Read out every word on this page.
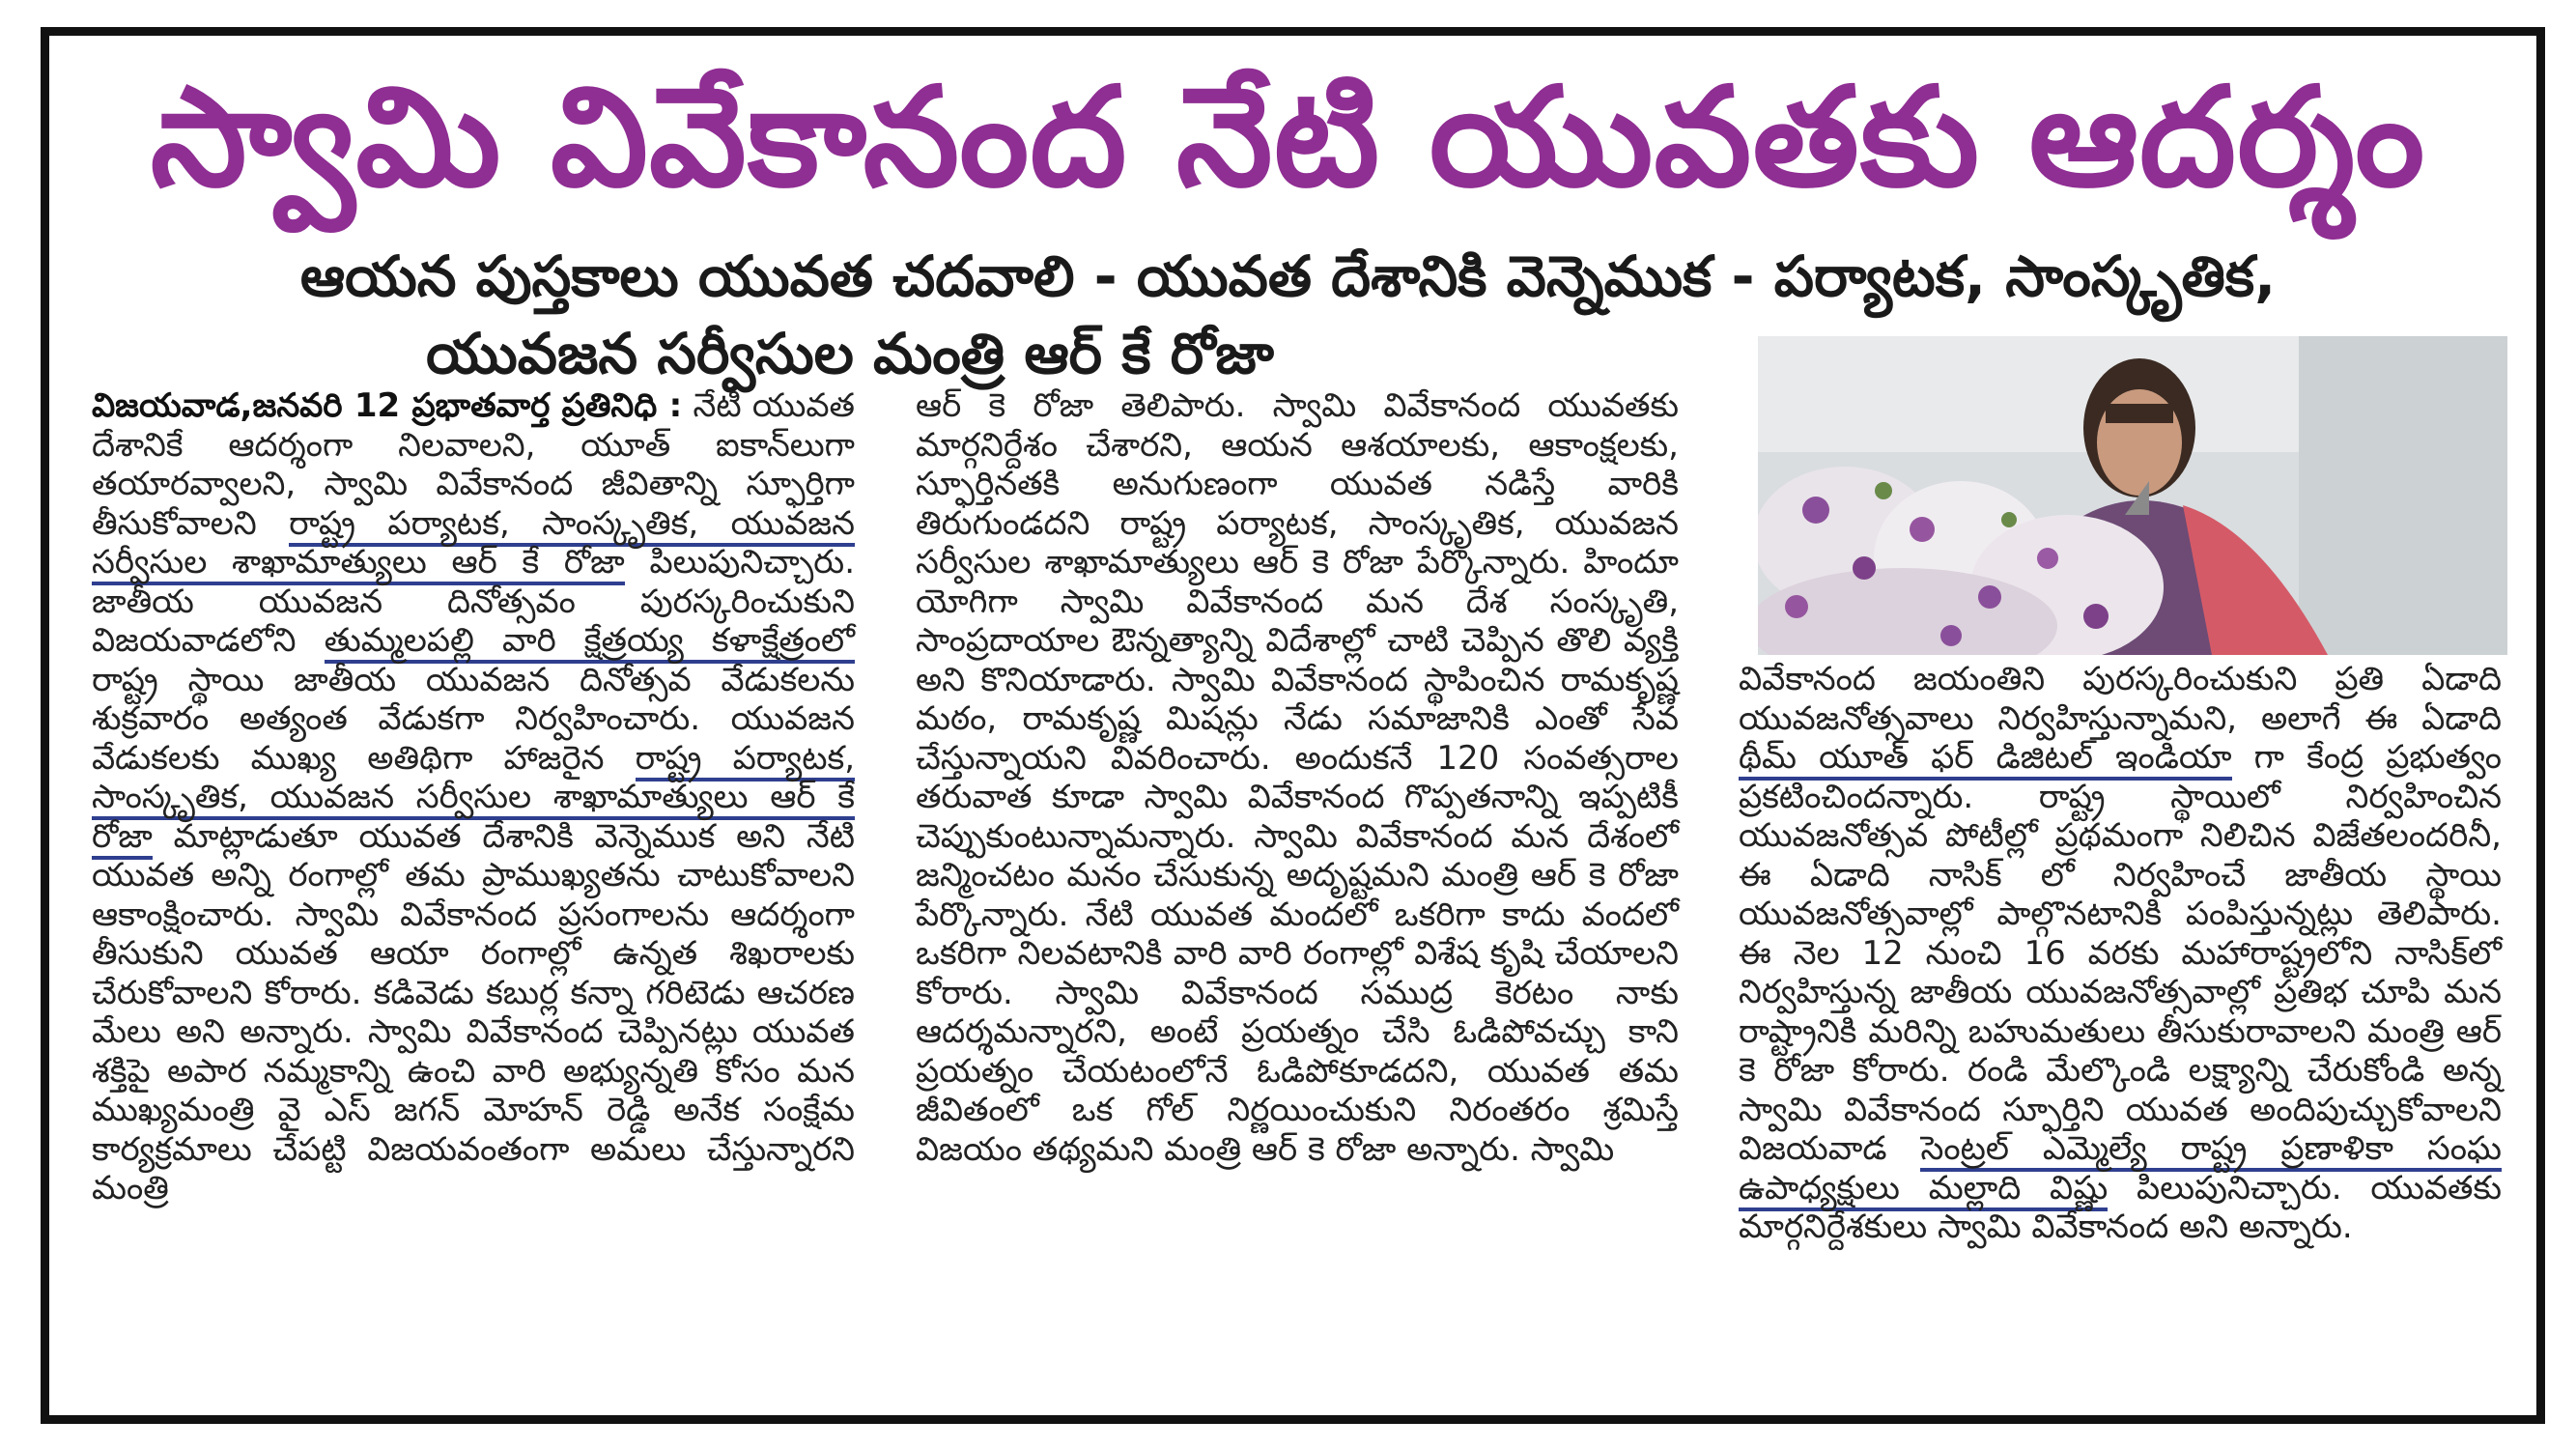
స్వామి వివేకానంద నేటి యువతకు ఆదర్శం
ఆయన పుస్తకాలు యువత చదవాలి - యువత దేశానికి వెన్నెముక - పర్యాటక, సాంస్కృతిక,
యువజన సర్వీసుల మంత్రి ఆర్ కే రోజా

విజయవాడ,జనవరి 12 ప్రభాతవార్త ప్రతినిధి : నేటి యువత దేశానికే ఆదర్శంగా నిలవాలని, యూత్ ఐకాన్‌లుగా తయారవ్వాలని, స్వామి వివేకానంద జీవితాన్ని స్ఫూర్తిగా తీసుకోవాలని రాష్ట్ర పర్యాటక, సాంస్కృతిక, యువజన సర్వీసుల శాఖామాత్యులు ఆర్ కే రోజా పిలుపునిచ్చారు. జాతీయ యువజన దినోత్సవం పురస్కరించుకుని విజయవాడలోని తుమ్మలపల్లి వారి క్షేత్రయ్య కళాక్షేత్రంలో రాష్ట్ర స్థాయి జాతీయ యువజన దినోత్సవ వేడుకలను శుక్రవారం అత్యంత వేడుకగా నిర్వహించారు. యువజన వేడుకలకు ముఖ్య అతిథిగా హాజరైన రాష్ట్ర పర్యాటక, సాంస్కృతిక, యువజన సర్వీసుల శాఖామాత్యులు ఆర్ కే రోజా మాట్లాడుతూ యువత దేశానికి వెన్నెముక అని నేటి యువత అన్ని రంగాల్లో తమ ప్రాముఖ్యతను చాటుకోవాలని ఆకాంక్షించారు. స్వామి వివేకానంద ప్రసంగాలను ఆదర్శంగా తీసుకుని యువత ఆయా రంగాల్లో ఉన్నత శిఖరాలకు చేరుకోవాలని కోరారు. కడివెడు కబుర్ల కన్నా గరిటెడు ఆచరణ మేలు అని అన్నారు. స్వామి వివేకానంద చెప్పినట్లు యువత శక్తిపై అపార నమ్మకాన్ని ఉంచి వారి అభ్యున్నతి కోసం మన ముఖ్యమంత్రి వై ఎస్ జగన్ మోహన్ రెడ్డి అనేక సంక్షేమ కార్యక్రమాలు చేపట్టి విజయవంతంగా అమలు చేస్తున్నారని మంత్రి

ఆర్ కె రోజా తెలిపారు. స్వామి వివేకానంద యువతకు మార్గనిర్దేశం చేశారని, ఆయన ఆశయాలకు, ఆకాంక్షలకు, స్ఫూర్తినతకి అనుగుణంగా యువత నడిస్తే వారికి తిరుగుండదని రాష్ట్ర పర్యాటక, సాంస్కృతిక, యువజన సర్వీసుల శాఖామాత్యులు ఆర్ కె రోజా పేర్కొన్నారు. హిందూ యోగిగా స్వామి వివేకానంద మన దేశ సంస్కృతి, సాంప్రదాయాల ఔన్నత్యాన్ని విదేశాల్లో చాటి చెప్పిన తొలి వ్యక్తి అని కొనియాడారు. స్వామి వివేకానంద స్థాపించిన రామకృష్ణ మఠం, రామకృష్ణ మిషన్లు నేడు సమాజానికి ఎంతో సేవ చేస్తున్నాయని వివరించారు. అందుకనే 120 సంవత్సరాల తరువాత కూడా స్వామి వివేకానంద గొప్పతనాన్ని ఇప్పటికీ చెప్పుకుంటున్నామన్నారు. స్వామి వివేకానంద మన దేశంలో జన్మించటం మనం చేసుకున్న అదృష్టమని మంత్రి ఆర్ కె రోజా పేర్కొన్నారు. నేటి యువత మందలో ఒకరిగా కాదు వందలో ఒకరిగా నిలవటానికి వారి వారి రంగాల్లో విశేష కృషి చేయాలని కోరారు. స్వామి వివేకానంద సముద్ర కెరటం నాకు ఆదర్శమన్నారని, అంటే ప్రయత్నం చేసి ఓడిపోవచ్చు కాని ప్రయత్నం చేయటంలోనే ఓడిపోకూడదని, యువత తమ జీవితంలో ఒక గోల్ నిర్ణయించుకుని నిరంతరం శ్రమిస్తే విజయం తథ్యమని మంత్రి ఆర్ కె రోజా అన్నారు. స్వామి

వివేకానంద జయంతిని పురస్కరించుకుని ప్రతి ఏడాది యువజనోత్సవాలు నిర్వహిస్తున్నామని, అలాగే ఈ ఏడాది థీమ్ యూత్ ఫర్ డిజిటల్ ఇండియా గా కేంద్ర ప్రభుత్వం ప్రకటించిందన్నారు. రాష్ట్ర స్థాయిలో నిర్వహించిన యువజనోత్సవ పోటీల్లో ప్రథమంగా నిలిచిన విజేతలందరినీ, ఈ ఏడాది నాసిక్ లో నిర్వహించే జాతీయ స్థాయి యువజనోత్సవాల్లో పాల్గొనటానికి పంపిస్తున్నట్లు తెలిపారు. ఈ నెల 12 నుంచి 16 వరకు మహారాష్ట్రలోని నాసిక్‌లో నిర్వహిస్తున్న జాతీయ యువజనోత్సవాల్లో ప్రతిభ చూపి మన రాష్ట్రానికి మరిన్ని బహుమతులు తీసుకురావాలని మంత్రి ఆర్ కె రోజా కోరారు. రండి మేల్కొండి లక్ష్యాన్ని చేరుకోండి అన్న స్వామి వివేకానంద స్ఫూర్తిని యువత అందిపుచ్చుకోవాలని విజయవాడ సెంట్రల్ ఎమ్మెల్యే రాష్ట్ర ప్రణాళికా సంఘ ఉపాధ్యక్షులు మల్లాది విష్ణు పిలుపునిచ్చారు. యువతకు మార్గనిర్దేశకులు స్వామి వివేకానంద అని అన్నారు.
